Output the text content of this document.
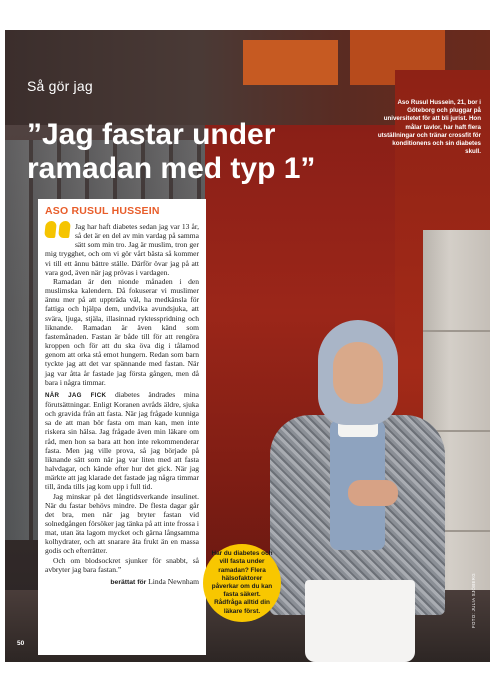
Så gör jag
”Jag fastar under ramadan med typ 1”
Aso Rusul Hussein, 21, bor i Göteborg och pluggar på universitetet för att bli jurist. Hon målar tavlor, har haft flera utställningar och tränar crossfit för konditionens och sin diabetes skull.
ASO RUSUL HUSSEIN

Jag har haft diabetes sedan jag var 13 år, så det är en del av min vardag på samma sätt som min tro. Jag är muslim, tron ger mig trygghet, och om vi gör vårt bästa så kommer vi till ett ännu bättre ställe. Därför övar jag på att vara god, även när jag prövas i vardagen.

Ramadan är den nionde månaden i den muslimska kalendern. Då fokuserar vi muslimer ännu mer på att uppträda väl, ha medkänsla för fattiga och hjälpa dem, undvika avundsjuka, att svära, ljuga, stjäla, illasinnad ryktesspridning och liknande. Ramadan är även känd som fastemånaden. Fastan är både till för att rengöra kroppen och för att du ska öva dig i tålamod genom att orka stå emot hungern. Redan som barn tyckte jag att det var spännande med fastan. När jag var åtta år fastade jag första gången, men då bara i några timmar.

NÄR JAG FICK diabetes ändrades mina förutsättningar. Enligt Koranen avråds äldre, sjuka och gravida från att fasta. När jag frågade kunniga sa de att man bör fasta om man kan, men inte riskera sin hälsa. Jag frågade även min läkare om råd, men hon sa bara att hon inte rekommenderar fasta. Men jag ville prova, så jag började på liknande sätt som när jag var liten med att fasta halvdagar, och kände efter hur det gick. När jag märkte att jag klarade det fastade jag några timmar till, ända tills jag kom upp i full tid.

Jag minskar på det långtidsverkande insulinet. När du fastar behövs mindre. De flesta dagar går det bra, men när jag bryter fastan vid solnedgången försöker jag tänka på att inte frossa i mat, utan äta lagom mycket och gärna långsamma kolhydrater, och att snarare äta frukt än en massa godis och efterrätter.

Och om blodsockret sjunker för snabbt, så avbryter jag bara fastan.”

berättat för Linda Newnham
Har du diabetes och vill fasta under ramadan? Flera hälsofaktorer påverkar om du kan fasta säkert. Rådfråga alltid din läkare först.
50
FOTO: JULIA SJÖBERG
